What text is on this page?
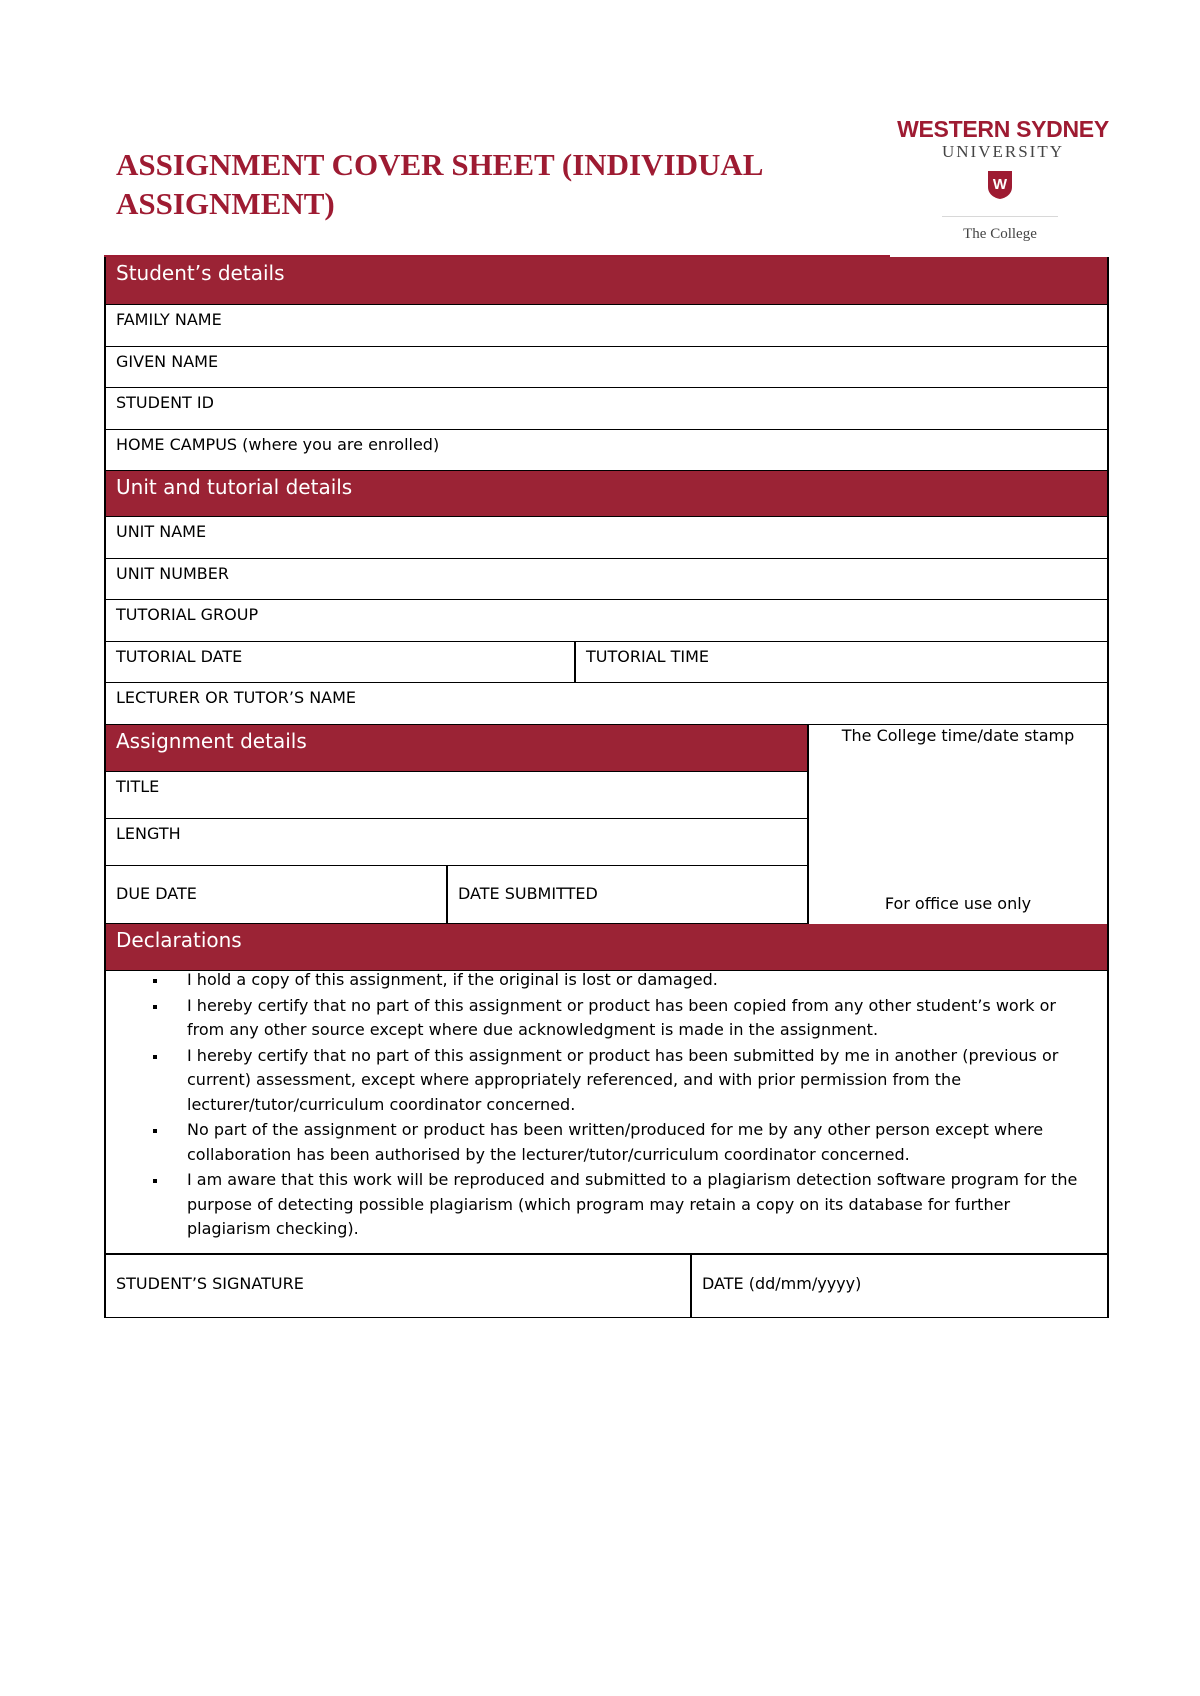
ASSIGNMENT COVER SHEET (INDIVIDUAL ASSIGNMENT)
WESTERN SYDNEY
UNIVERSITY
W
The College
Student’s details
FAMILY NAME
GIVEN NAME
STUDENT ID
HOME CAMPUS (where you are enrolled)
Unit and tutorial details
UNIT NAME
UNIT NUMBER
TUTORIAL GROUP
TUTORIAL DATE	TUTORIAL TIME
LECTURER OR TUTOR’S NAME
Assignment details
TITLE
LENGTH
DUE DATE	DATE SUBMITTED
The College time/date stamp
For office use only
Declarations
I hold a copy of this assignment, if the original is lost or damaged.
I hereby certify that no part of this assignment or product has been copied from any other student’s work or from any other source except where due acknowledgment is made in the assignment.
I hereby certify that no part of this assignment or product has been submitted by me in another (previous or current) assessment, except where appropriately referenced, and with prior permission from the lecturer/tutor/curriculum coordinator concerned.
No part of the assignment or product has been written/produced for me by any other person except where collaboration has been authorised by the lecturer/tutor/curriculum coordinator concerned.
I am aware that this work will be reproduced and submitted to a plagiarism detection software program for the purpose of detecting possible plagiarism (which program may retain a copy on its database for further plagiarism checking).
STUDENT’S SIGNATURE	DATE (dd/mm/yyyy)
